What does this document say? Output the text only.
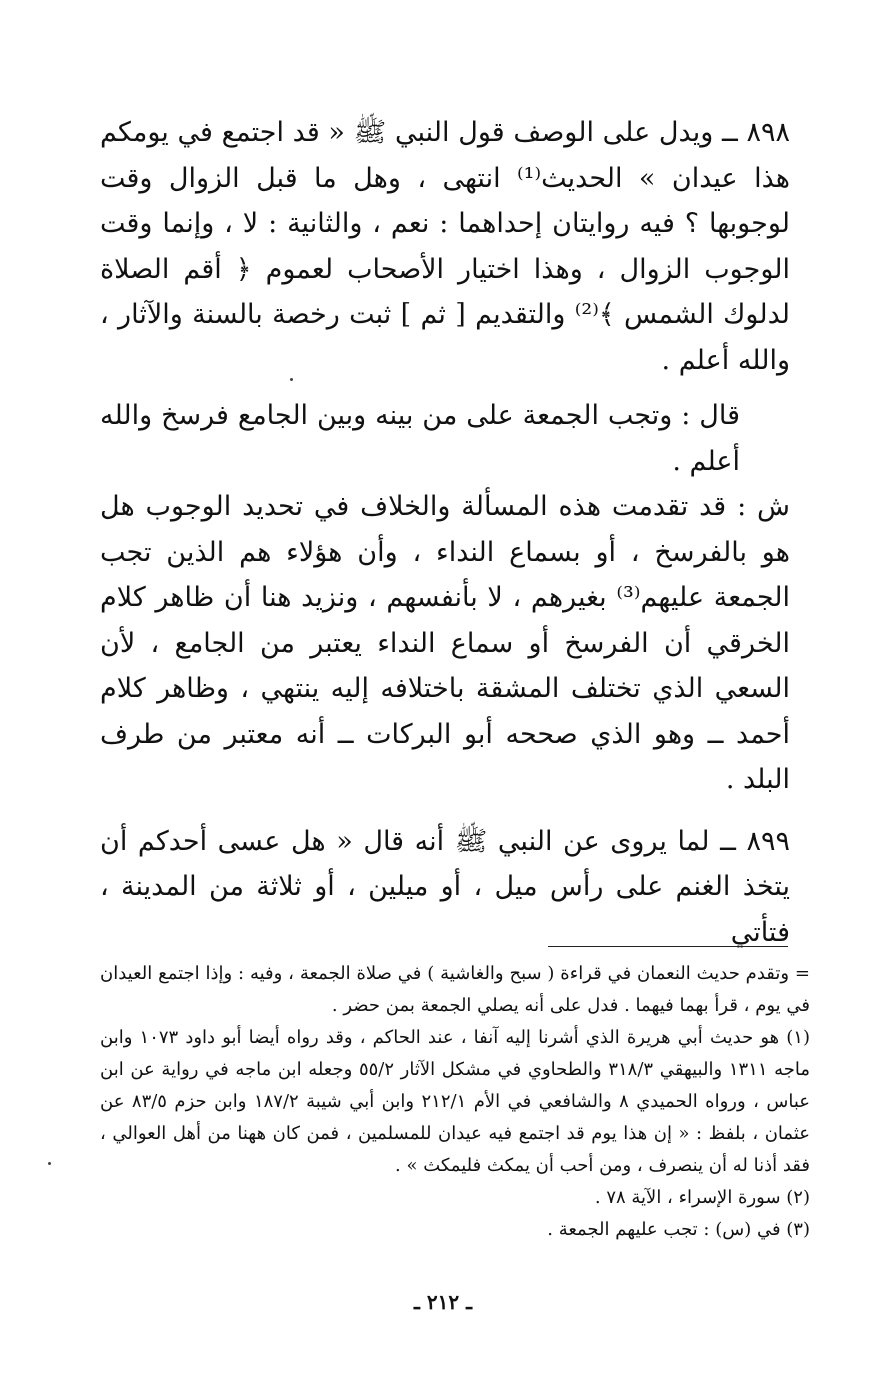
٨٩٨ ــ ويدل على الوصف قول النبي ﷺ « قد اجتمع في يومكم هذا عيدان » الحديث⁽¹⁾ انتهى ، وهل ما قبل الزوال وقت لوجوبها ؟ فيه روايتان إحداهما : نعم ، والثانية : لا ، وإنما وقت الوجوب الزوال ، وهذا اختيار الأصحاب لعموم ﴿ أقم الصلاة لدلوك الشمس ﴾⁽²⁾ والتقديم [ ثم ] ثبت رخصة بالسنة والآثار ، والله أعلم .

قال : وتجب الجمعة على من بينه وبين الجامع فرسخ والله أعلم .

ش : قد تقدمت هذه المسألة والخلاف في تحديد الوجوب هل هو بالفرسخ ، أو بسماع النداء ، وأن هؤلاء هم الذين تجب الجمعة عليهم⁽³⁾ بغيرهم ، لا بأنفسهم ، ونزيد هنا أن ظاهر كلام الخرقي أن الفرسخ أو سماع النداء يعتبر من الجامع ، لأن السعي الذي تختلف المشقة باختلافه إليه ينتهي ، وظاهر كلام أحمد ــ وهو الذي صححه أبو البركات ــ أنه معتبر من طرف البلد .

٨٩٩ ــ لما يروى عن النبي ﷺ أنه قال « هل عسى أحدكم أن يتخذ الغنم على رأس ميل ، أو ميلين ، أو ثلاثة من المدينة ، فتأتي

= وتقدم حديث النعمان في قراءة ( سبح والغاشية ) في صلاة الجمعة ، وفيه : وإذا اجتمع العيدان في يوم ، قرأ بهما فيهما . فدل على أنه يصلي الجمعة بمن حضر .

(١) هو حديث أبي هريرة الذي أشرنا إليه آنفا ، عند الحاكم ، وقد رواه أيضا أبو داود ١٠٧٣ وابن ماجه ١٣١١ والبيهقي ٣١٨/٣ والطحاوي في مشكل الآثار ٥٥/٢ وجعله ابن ماجه في رواية عن ابن عباس ، ورواه الحميدي ٨ والشافعي في الأم ٢١٢/١ وابن أبي شيبة ١٨٧/٢ وابن حزم ٨٣/٥ عن عثمان ، بلفظ : « إن هذا يوم قد اجتمع فيه عيدان للمسلمين ، فمن كان ههنا من أهل العوالي ، فقد أذنا له أن ينصرف ، ومن أحب أن يمكث فليمكث » .

(٢) سورة الإسراء ، الآية ٧٨ .

(٣) في (س) : تجب عليهم الجمعة .

ـ ٢١٢ ـ
